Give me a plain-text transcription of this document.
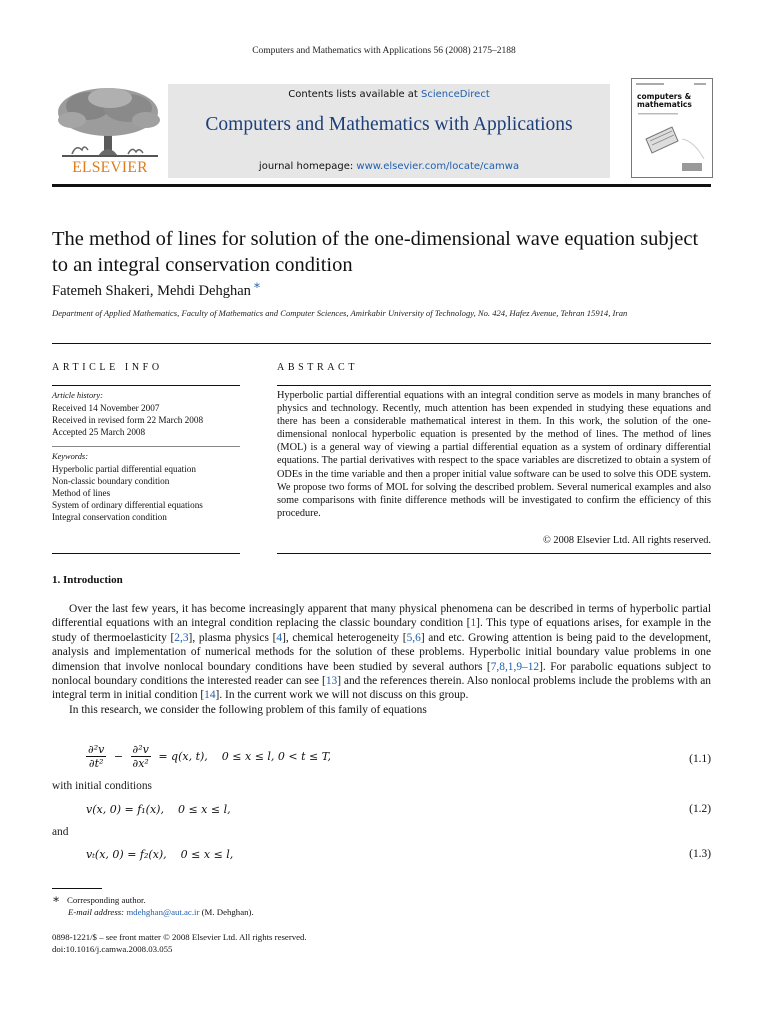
Computers and Mathematics with Applications 56 (2008) 2175–2188
ELSEVIER
Contents lists available at ScienceDirect
Computers and Mathematics with Applications
journal homepage: www.elsevier.com/locate/camwa
computers &
mathematics
The method of lines for solution of the one-dimensional wave equation subject to an integral conservation condition
Fatemeh Shakeri, Mehdi Dehghan ∗
Department of Applied Mathematics, Faculty of Mathematics and Computer Sciences, Amirkabir University of Technology, No. 424, Hafez Avenue, Tehran 15914, Iran
ARTICLE INFO
Article history:
Received 14 November 2007
Received in revised form 22 March 2008
Accepted 25 March 2008
Keywords:
Hyperbolic partial differential equation
Non-classic boundary condition
Method of lines
System of ordinary differential equations
Integral conservation condition
ABSTRACT
Hyperbolic partial differential equations with an integral condition serve as models in many branches of physics and technology. Recently, much attention has been expended in studying these equations and there has been a considerable mathematical interest in them. In this work, the solution of the one-dimensional nonlocal hyperbolic equation is presented by the method of lines. The method of lines (MOL) is a general way of viewing a partial differential equation as a system of ordinary differential equations. The partial derivatives with respect to the space variables are discretized to obtain a system of ODEs in the time variable and then a proper initial value software can be used to solve this ODE system. We propose two forms of MOL for solving the described problem. Several numerical examples and also some comparisons with finite difference methods will be investigated to confirm the efficiency of this procedure.
© 2008 Elsevier Ltd. All rights reserved.
1. Introduction

Over the last few years, it has become increasingly apparent that many physical phenomena can be described in terms of hyperbolic partial differential equations with an integral condition replacing the classic boundary condition [1]. This type of equations arises, for example in the study of thermoelasticity [2,3], plasma physics [4], chemical heterogeneity [5,6] and etc. Growing attention is being paid to the development, analysis and implementation of numerical methods for the solution of these problems. Hyperbolic initial boundary value problems in one dimension that involve nonlocal boundary conditions have been studied by several authors [7,8,1,9–12]. For parabolic equations subject to nonlocal boundary conditions the interested reader can see [13] and the references therein. Also nonlocal problems include the problems with an integral term in initial condition [14]. In the current work we will not discuss on this group.

In this research, we consider the following problem of this family of equations

$\frac{\text{∂²v}}{\text{∂t²}} - \frac{\text{∂²v}}{\text{∂x²}} = q(x$, t),    0 ≤ x ≤ l, 0 < t ≤ T,	(1.1)
with initial conditions
v(x, 0) = f₁(x),    0 ≤ x ≤ l,	(1.2)
and
vₜ(x, 0) = f₂(x),    0 ≤ x ≤ l,	(1.3)
∗ Corresponding author.
E-mail address: mdehghan@aut.ac.ir (M. Dehghan).
0898-1221/$ – see front matter © 2008 Elsevier Ltd. All rights reserved.
doi:10.1016/j.camwa.2008.03.055
